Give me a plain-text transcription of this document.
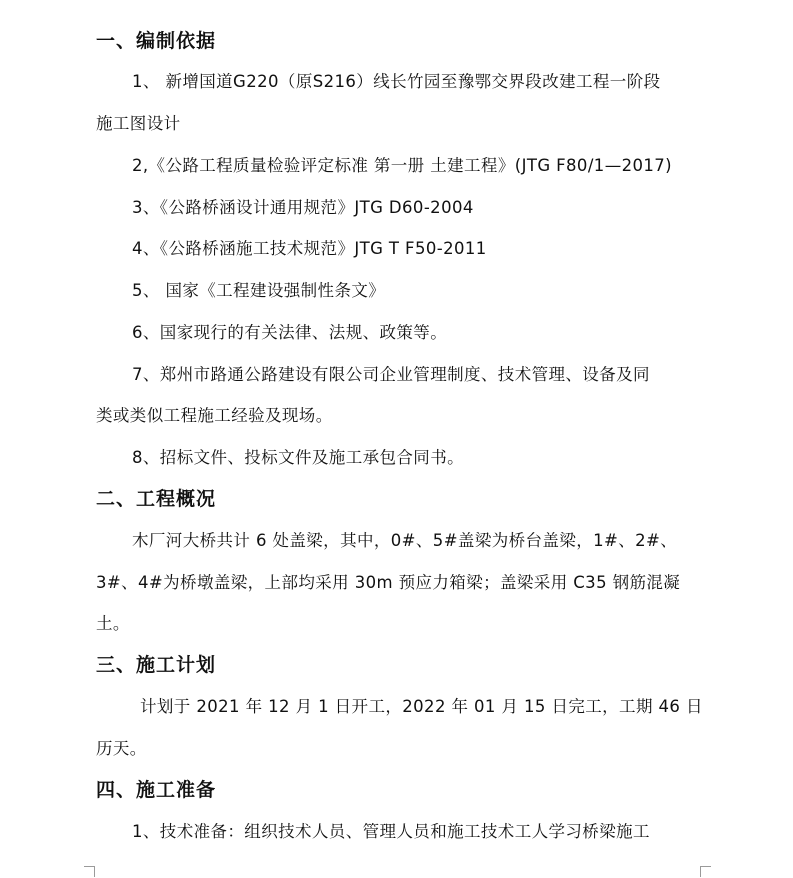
一、编制依据
1、 新增国道G220（原S216）线长竹园至豫鄂交界段改建工程一阶段
施工图设计
2,《公路工程质量检验评定标准 第一册 土建工程》(JTG F80/1—2017)
3、《公路桥涵设计通用规范》JTG D60-2004
4、《公路桥涵施工技术规范》JTG T F50-2011
5、 国家《工程建设强制性条文》
6、国家现行的有关法律、法规、政策等。
7、郑州市路通公路建设有限公司企业管理制度、技术管理、设备及同
类或类似工程施工经验及现场。
8、招标文件、投标文件及施工承包合同书。
二、工程概况
木厂河大桥共计 6 处盖梁，其中，0#、5#盖梁为桥台盖梁，1#、2#、
3#、4#为桥墩盖梁，上部均采用 30m 预应力箱梁；盖梁采用 C35 钢筋混凝
土。
三、施工计划
计划于 2021 年 12 月 1 日开工，2022 年 01 月 15 日完工，工期 46 日
历天。
四、施工准备
1、技术准备：组织技术人员、管理人员和施工技术工人学习桥梁施工
